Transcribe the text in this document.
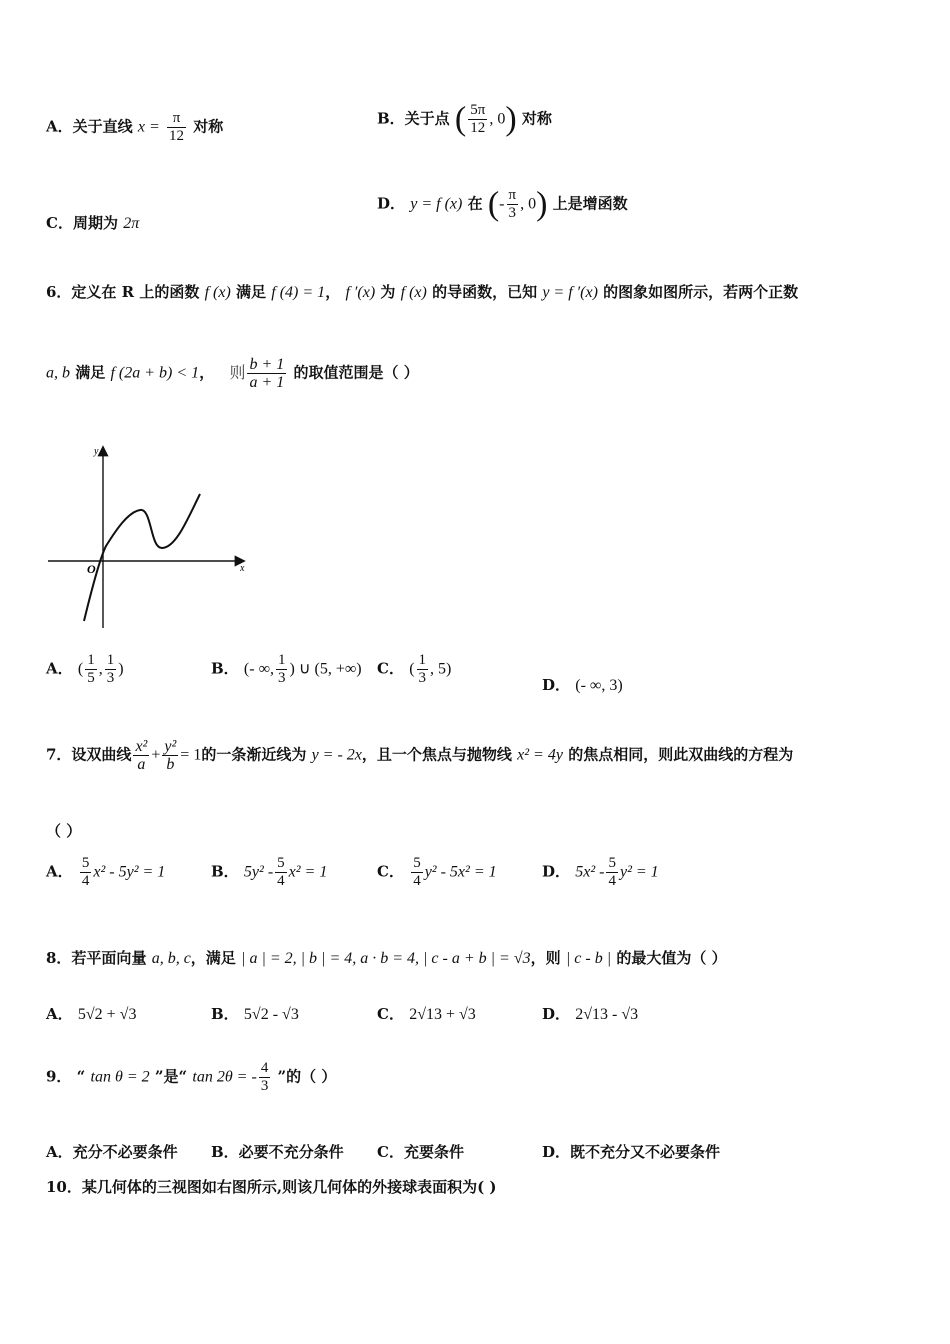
A．关于直线 $x = \frac{\pi}{12}$ 对称	B．关于点 ( $\frac{5\pi}{12}$ , 0) 对称
C．周期为 2π
D． y = f (x) 在 (- $\frac{\pi}{3}$ , 0) 上是增函数
6．定义在 R 上的函数 f (x) 满足 f (4) = 1， f ′(x) 为 f (x) 的导函数，已知 y = f ′(x) 的图象如图所示，若两个正数
a, b 满足 f (2a + b) < 1， 则 $\frac{b + 1}{a + 1}$ 的取值范围是（ ）
y
x
O
A． ( $\frac{1}{5}$ , $\frac{1}{3}$ )	B． (- ∞, $\frac{1}{3}$ ) ∪ (5, +∞) C． ( $\frac{1}{3}$ , 5)
D． (- ∞, 3)
7．设双曲线 $\frac{\text{x²}}{a} + \frac{\text{y²}}{b} = 1$的一条渐近线为 y = - 2x，且一个焦点与抛物线 x² = 4y 的焦点相同，则此双曲线的方程为
（ ）
A． $\frac{5}{4} x^2 - 5y^2 = 1$	B． $5y^2 - \frac{5}{4} x^2 = 1$	C． $\frac{5}{4} y^2 - 5x^2 = 1$	D． $5x^2 - \frac{5}{4} y^2 = 1$
8．若平面向量 a, b, c，满足 | a | = 2, | b | = 4, a · b = 4, | c - a + b | = √3，则 | c - b | 的最大值为（ ）
A． 5√2 + √3	B． 5√2 - √3	C． 2√13 + √3	D． 2√13 - √3
9． “ tan θ = 2 ”是“ tan 2θ = - $\frac{4}{3}$ ”的（ ）
A．充分不必要条件 B．必要不充分条件 C．充要条件	D．既不充分又不必要条件
10．某几何体的三视图如右图所示,则该几何体的外接球表面积为( )
